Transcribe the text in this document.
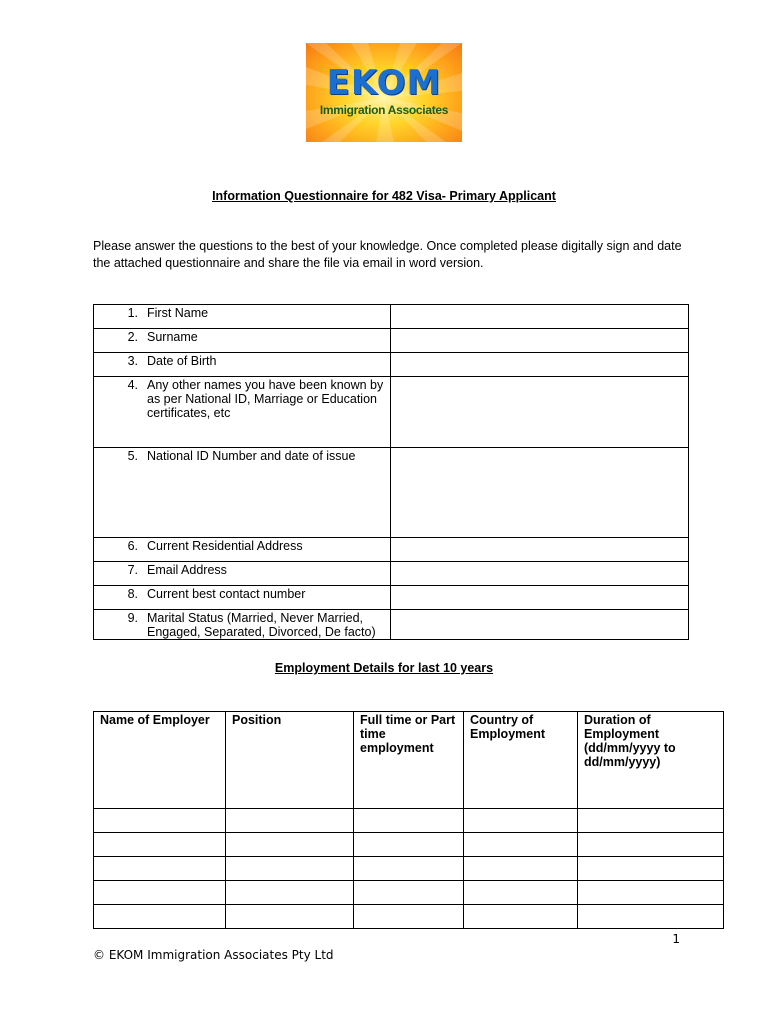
EKOM
Immigration Associates
Information Questionnaire for 482 Visa- Primary Applicant
Please answer the questions to the best of your knowledge. Once completed please digitally sign and date the attached questionnaire and share the file via email in word version.
1. First Name	

2. Surname	

3. Date of Birth	

4. Any other names you have been known by as per National ID, Marriage or Education certificates, etc	

5. National ID Number and date of issue	

6. Current Residential Address	

7. Email Address	

8. Current best contact number	

9. Marital Status (Married, Never Married, Engaged, Separated, Divorced, De facto)	

Employment Details for last 10 years
Name of Employer	Position	Full time or Part time employment	Country of Employment	Duration of Employment (dd/mm/yyyy to dd/mm/yyyy)

1
© EKOM Immigration Associates Pty Ltd
